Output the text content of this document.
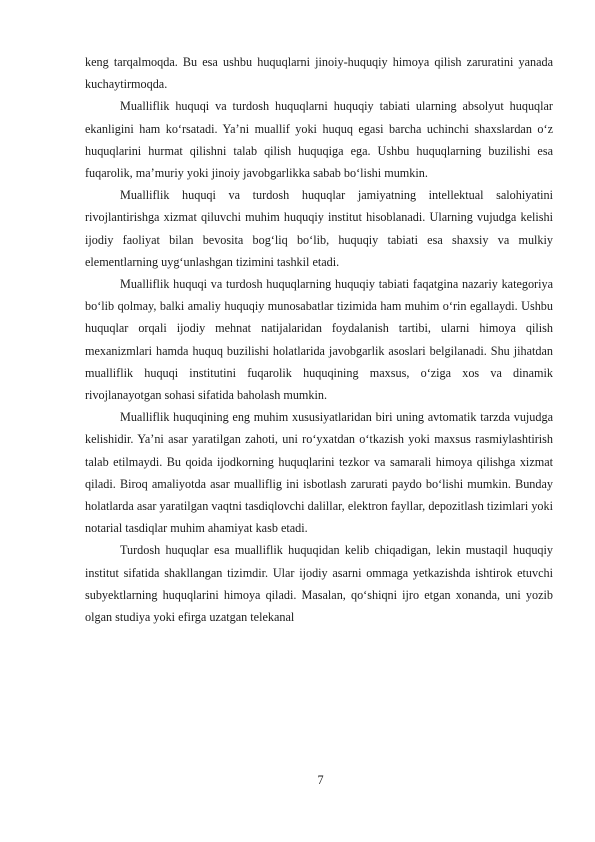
keng tarqalmoqda. Bu esa ushbu huquqlarni jinoiy-huquqiy himoya qilish zaruratini yanada kuchaytirmoqda.

Mualliflik huquqi va turdosh huquqlarni huquqiy tabiati ularning absolyut huquqlar ekanligini ham ko‘rsatadi. Ya’ni muallif yoki huquq egasi barcha uchinchi shaxslardan o‘z huquqlarini hurmat qilishni talab qilish huquqiga ega. Ushbu huquqlarning buzilishi esa fuqarolik, ma’muriy yoki jinoiy javobgarlikka sabab bo‘lishi mumkin.

Mualliflik huquqi va turdosh huquqlar jamiyatning intellektual salohiyatini rivojlantirishga xizmat qiluvchi muhim huquqiy institut hisoblanadi. Ularning vujudga kelishi ijodiy faoliyat bilan bevosita bog‘liq bo‘lib, huquqiy tabiati esa shaxsiy va mulkiy elementlarning uyg‘unlashgan tizimini tashkil etadi.

Mualliflik huquqi va turdosh huquqlarning huquqiy tabiati faqatgina nazariy kategoriya bo‘lib qolmay, balki amaliy huquqiy munosabatlar tizimida ham muhim o‘rin egallaydi. Ushbu huquqlar orqali ijodiy mehnat natijalaridan foydalanish tartibi, ularni himoya qilish mexanizmlari hamda huquq buzilishi holatlarida javobgarlik asoslari belgilanadi. Shu jihatdan mualliflik huquqi institutini fuqarolik huquqining maxsus, o‘ziga xos va dinamik rivojlanayotgan sohasi sifatida baholash mumkin.

Mualliflik huquqining eng muhim xususiyatlaridan biri uning avtomatik tarzda vujudga kelishidir. Ya’ni asar yaratilgan zahoti, uni ro‘yxatdan o‘tkazish yoki maxsus rasmiylashtirish talab etilmaydi. Bu qoida ijodkorning huquqlarini tezkor va samarali himoya qilishga xizmat qiladi. Biroq amaliyotda asar mualliflig ini isbotlash zarurati paydo bo‘lishi mumkin. Bunday holatlarda asar yaratilgan vaqtni tasdiqlovchi dalillar, elektron fayllar, depozitlash tizimlari yoki notarial tasdiqlar muhim ahamiyat kasb etadi.

Turdosh huquqlar esa mualliflik huquqidan kelib chiqadigan, lekin mustaqil huquqiy institut sifatida shakllangan tizimdir. Ular ijodiy asarni ommaga yetkazishda ishtirok etuvchi subyektlarning huquqlarini himoya qiladi. Masalan, qo‘shiqni ijro etgan xonanda, uni yozib olgan studiya yoki efirga uzatgan telekanal

7
